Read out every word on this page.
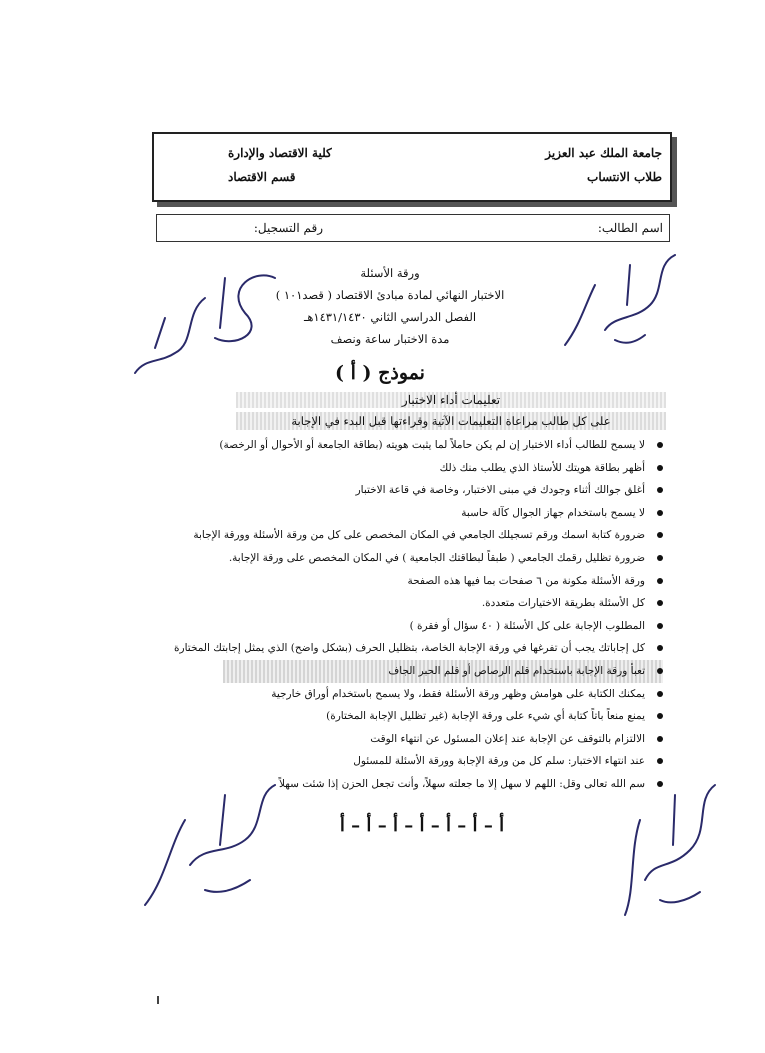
جامعة الملك عبد العزيز
طلاب الانتساب
كلية الاقتصاد والإدارة
قسم الاقتصاد
اسم الطالب:
رقم التسجيل:
ورقة الأسئلة
الاختبار النهائي لمادة مبادئ الاقتصاد ( قصد١٠١ )
الفصل الدراسي الثاني ١٤٣١/١٤٣٠هـ
مدة الاختبار ساعة ونصف
نموذج ( أ )
تعليمات أداء الاختبار
على كل طالب مراعاة التعليمات الآتية وقراءتها قبل البدء في الإجابة
لا يسمح للطالب أداء الاختبار إن لم يكن حاملاً لما يثبت هويته (بطاقة الجامعة أو الأحوال أو الرخصة)
أظهر بطاقة هويتك للأستاذ الذي يطلب منك ذلك
أغلق جوالك أثناء وجودك في مبنى الاختبار، وخاصة في قاعة الاختبار
لا يسمح باستخدام جهاز الجوال كآلة حاسبة
ضرورة كتابة اسمك ورقم تسجيلك الجامعي في المكان المخصص على كل من ورقة الأسئلة وورقة الإجابة
ضرورة تظليل رقمك الجامعي ( طبقاً لبطاقتك الجامعية ) في المكان المخصص على ورقة الإجابة.
ورقة الأسئلة مكونة من ٦ صفحات بما فيها هذه الصفحة
كل الأسئلة بطريقة الاختيارات متعددة.
المطلوب الإجابة على كل الأسئلة ( ٤٠ سؤال أو فقرة )
كل إجاباتك يجب أن تفرغها في ورقة الإجابة الخاصة، بتظليل الحرف (بشكل واضح) الذي يمثل إجابتك المختارة
تعبأ ورقة الإجابة باستخدام قلم الرصاص أو قلم الحبر الجاف
يمكنك الكتابة على هوامش وظهر ورقة الأسئلة فقط، ولا يسمح باستخدام أوراق خارجية
يمنع منعاً باتاً كتابة أي شيء على ورقة الإجابة (غير تظليل الإجابة المختارة)
الالتزام بالتوقف عن الإجابة عند إعلان المسئول عن انتهاء الوقت
عند انتهاء الاختبار: سلم كل من ورقة الإجابة وورقة الأسئلة للمسئول
سم الله تعالى وقل: اللهم لا سهل إلا ما جعلته سهلاً، وأنت تجعل الحزن إذا شئت سهلاً
أ – أ – أ – أ – أ – أ – أ
